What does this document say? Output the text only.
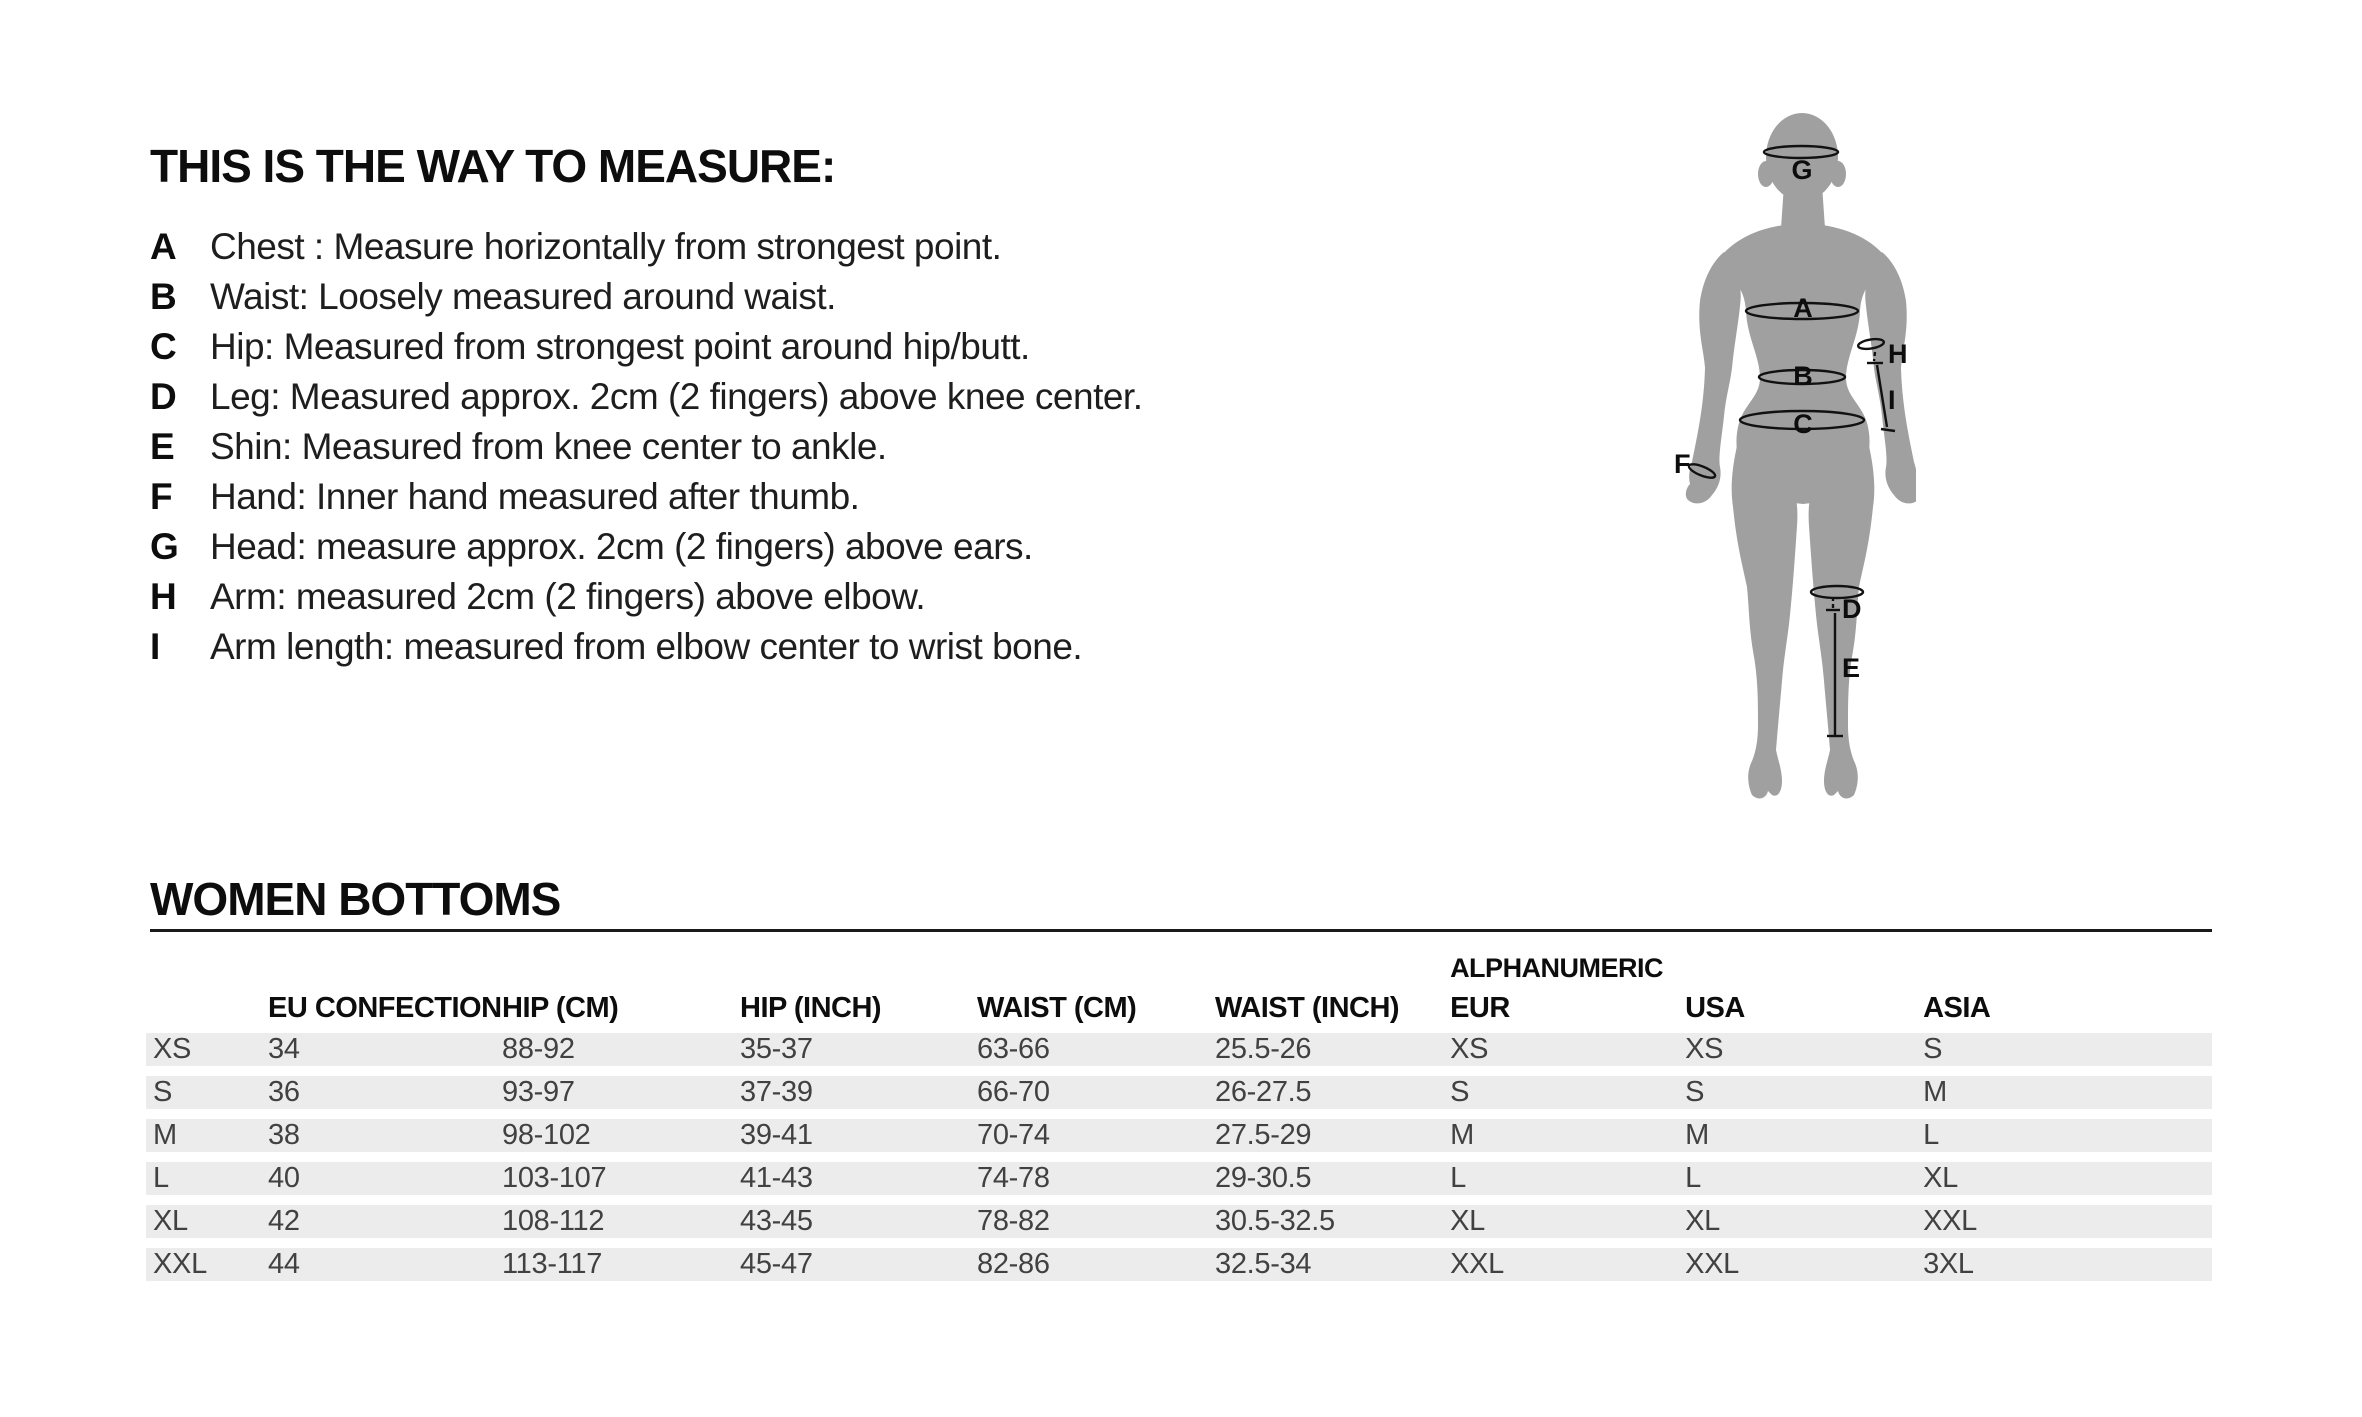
THIS IS THE WAY TO MEASURE:
A Chest : Measure horizontally from strongest point.
B Waist: Loosely measured around waist.
C Hip: Measured from strongest point around hip/butt.
D Leg: Measured approx. 2cm (2 fingers) above knee center.
E Shin: Measured from knee center to ankle.
F Hand: Inner hand measured after thumb.
G Head: measure approx. 2cm (2 fingers) above ears.
H Arm: measured 2cm (2 fingers) above elbow.
I Arm length: measured from elbow center to wrist bone.
G
A
B
C
H
I
F
D
E
WOMEN BOTTOMS
						ALPHANUMERIC		
	EU CONFECTION	HIP (CM)	HIP (INCH)	WAIST (CM)	WAIST (INCH)	EUR	USA	ASIA
XS	34	88-92	35-37	63-66	25.5-26	XS	XS	S
S	36	93-97	37-39	66-70	26-27.5	S	S	M
M	38	98-102	39-41	70-74	27.5-29	M	M	L
L	40	103-107	41-43	74-78	29-30.5	L	L	XL
XL	42	108-112	43-45	78-82	30.5-32.5	XL	XL	XXL
XXL	44	113-117	45-47	82-86	32.5-34	XXL	XXL	3XL
